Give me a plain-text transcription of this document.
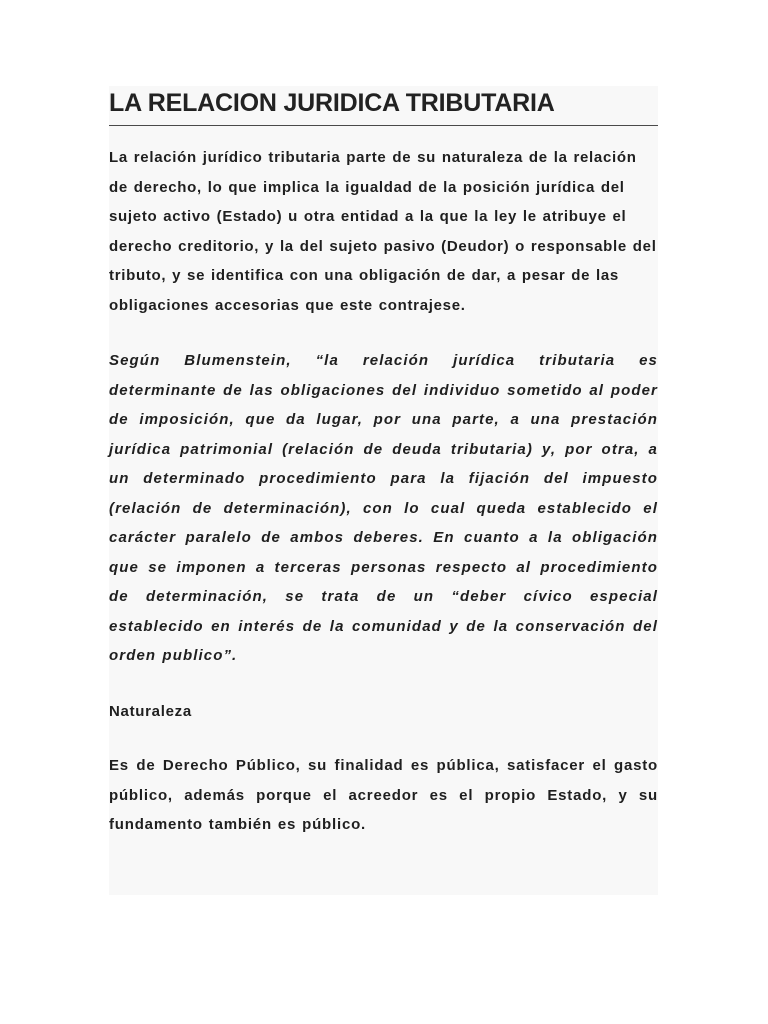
LA RELACION JURIDICA TRIBUTARIA

La relación jurídico tributaria parte de su naturaleza de la relación de derecho, lo que implica la igualdad de la posición jurídica del sujeto activo (Estado) u otra entidad a la que la ley le atribuye el derecho creditorio, y la del sujeto pasivo (Deudor) o responsable del tributo, y se identifica con una obligación de dar, a pesar de las obligaciones accesorias que este contrajese.

Según Blumenstein, “la relación jurídica tributaria es determinante de las obligaciones del individuo sometido al poder de imposición, que da lugar, por una parte, a una prestación jurídica patrimonial (relación de deuda tributaria) y, por otra, a un determinado procedimiento para la fijación del impuesto (relación de determinación), con lo cual queda establecido el carácter paralelo de ambos deberes. En cuanto a la obligación que se imponen a terceras personas respecto al procedimiento de determinación, se trata de un “deber cívico especial establecido en interés de la comunidad y de la conservación del orden publico”.

Naturaleza

Es de Derecho Público, su finalidad es pública, satisfacer el gasto público, además porque el acreedor es el propio Estado, y su fundamento también es público.
